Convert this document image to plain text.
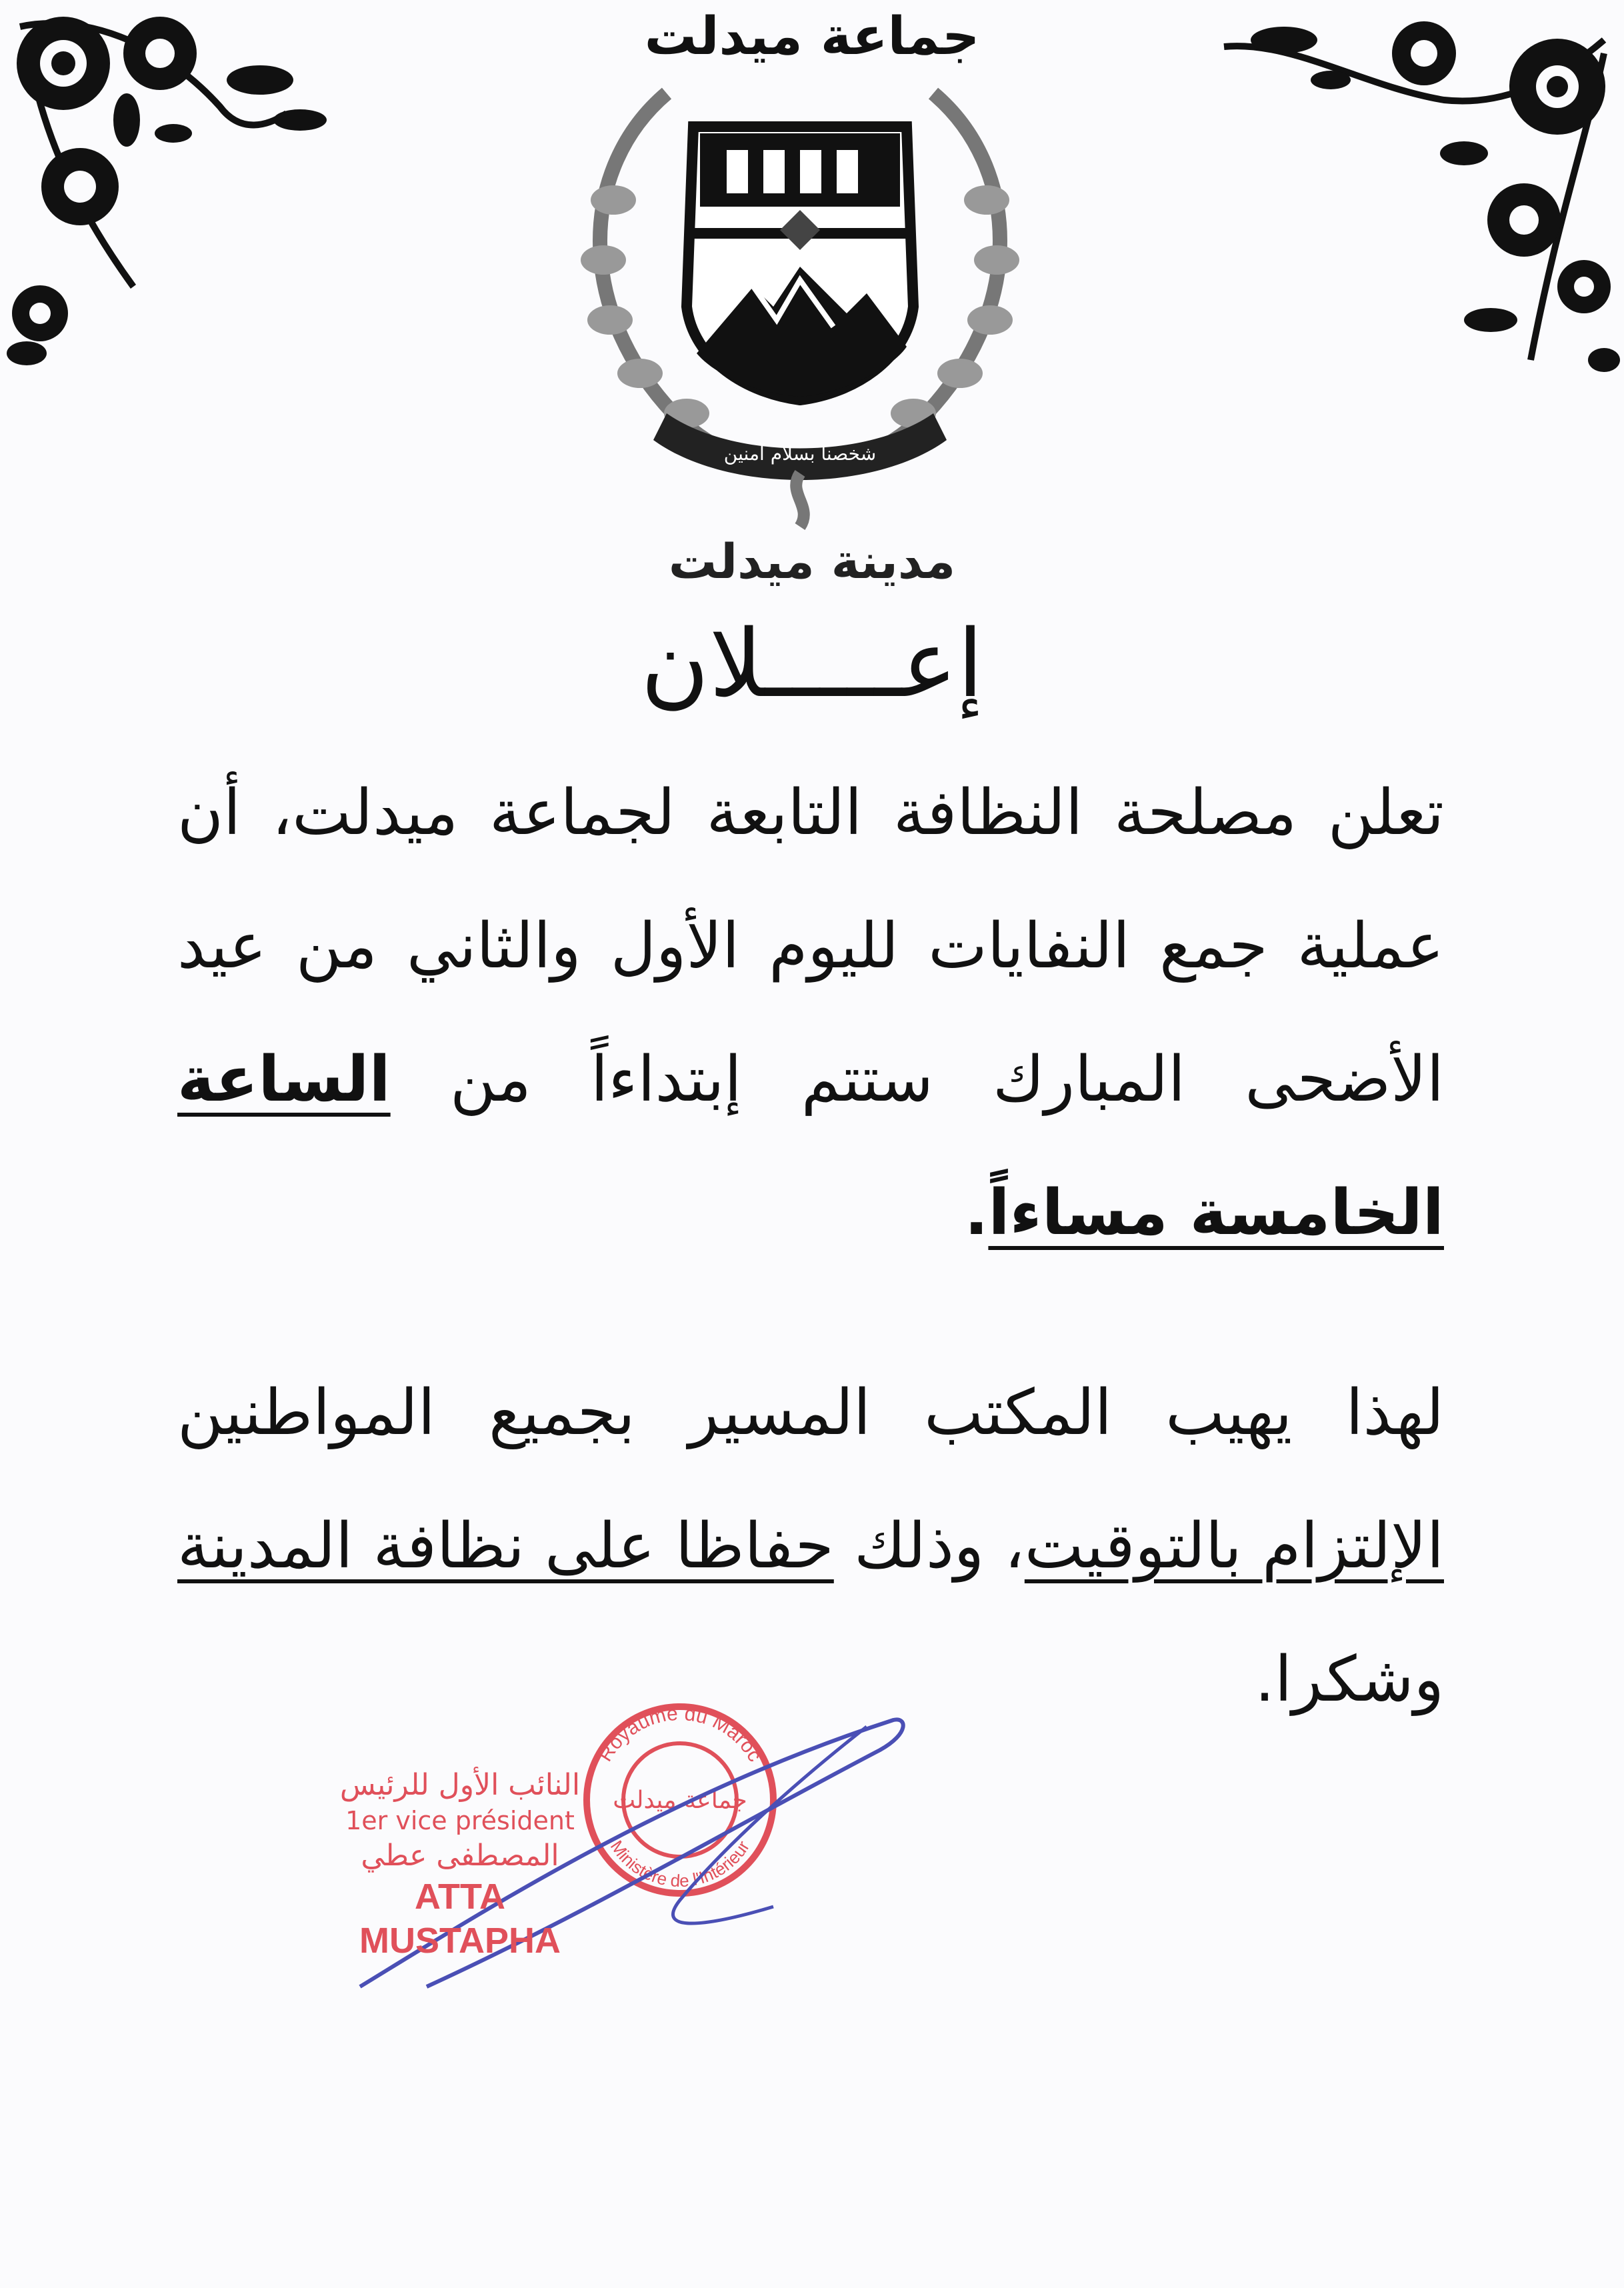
جماعة ميدلت
شخصنا بسلام آمنين
مدينة ميدلت
إعـــــلان
تعلن مصلحة النظافة التابعة لجماعة ميدلت، أن عملية جمع النفايات لليوم الأول والثاني من عيد الأضحى المبارك ستتم إبتداءاً من الساعة الخامسة مساءاً.
لهذا يهيب المكتب المسير بجميع المواطنين الإلتزام بالتوقيت، وذلك حفاظا على نظافة المدينة وشكرا.
Royaume du Maroc
Ministère de l'Intérieur
جماعة ميدلت
النائب الأول للرئيس
1er vice président
المصطفى عطي
ATTA MUSTAPHA
